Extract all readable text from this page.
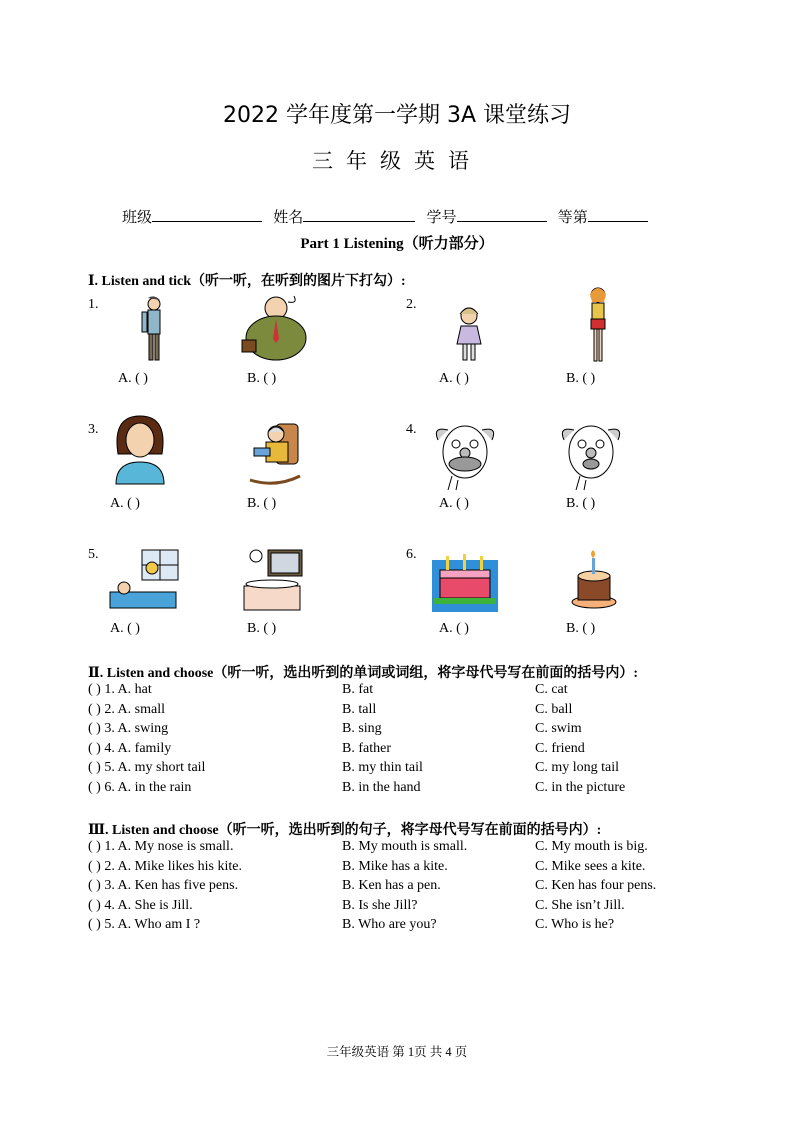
2022 学年度第一学期 3A 课堂练习
三年级英语
班级	姓名	学号	等第
Part 1 Listening（听力部分）
Ⅰ. Listen and tick（听一听，在听到的图片下打勾）:
1.	2.
3.	4.
5.	6.
A. ( )	B. ( )	A. ( )	B. ( )
A. ( )	B. ( )	A. ( )	B. ( )
A. ( )	B. ( )	A. ( )	B. ( )
Ⅱ. Listen and choose（听一听，选出听到的单词或词组，将字母代号写在前面的括号内）:
( ) 1. A. hat	B. fat	C. cat
( ) 2. A. small	B. tall	C. ball
( ) 3. A. swing	B. sing	C. swim
( ) 4. A. family	B. father	C. friend
( ) 5. A. my short tail	B. my thin tail	C. my long tail
( ) 6. A. in the rain	B. in the hand	C. in the picture
Ⅲ. Listen and choose（听一听，选出听到的句子，将字母代号写在前面的括号内）:
( ) 1. A. My nose is small.	B. My mouth is small.	C. My mouth is big.
( ) 2. A. Mike likes his kite.	B. Mike has a kite.	C. Mike sees a kite.
( ) 3. A. Ken has five pens.	B. Ken has a pen.	C. Ken has four pens.
( ) 4. A. She is Jill.	B. Is she Jill?	C. She isn’t Jill.
( ) 5. A. Who am I ?	B. Who are you?	C. Who is he?
三年级英语 第 1页 共 4 页
